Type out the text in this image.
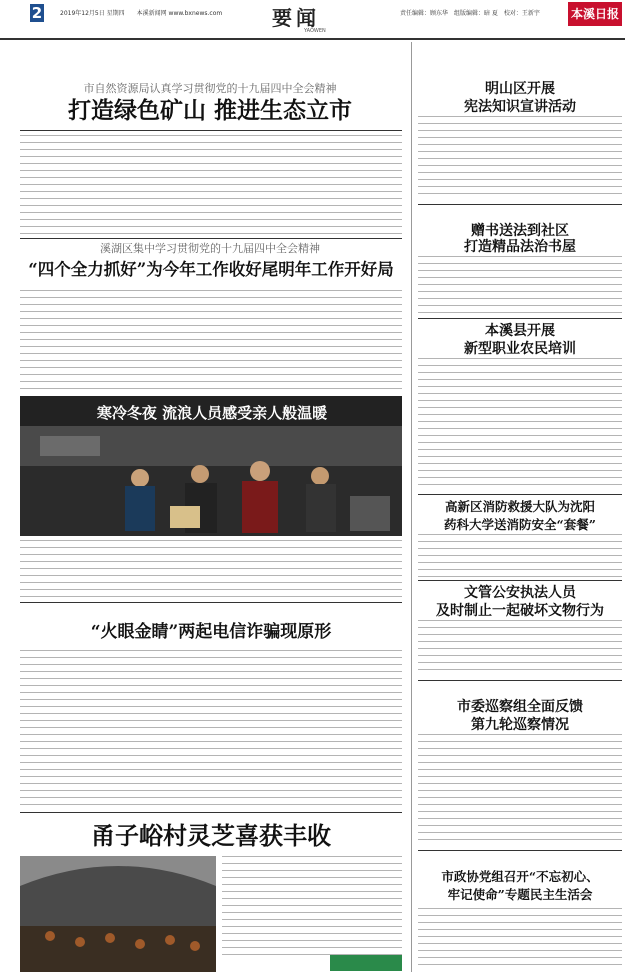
2	2019年12月5日 星期四　　本溪新闻网 www.bxnews.com 要闻
YAOWEN
责任编辑：顾东华　组版编辑：暗 夏　校对：王新宇	本溪日报
市自然资源局认真学习贯彻党的十九届四中全会精神
打造绿色矿山 推进生态立市
溪湖区集中学习贯彻党的十九届四中全会精神
“四个全力抓好”为今年工作收好尾明年工作开好局
寒冷冬夜 流浪人员感受亲人般温暖
“火眼金睛”两起电信诈骗现原形
甬子峪村灵芝喜获丰收
明山区开展
宪法知识宣讲活动
赠书送法到社区
打造精品法治书屋
本溪县开展
新型职业农民培训
高新区消防救援大队为沈阳
药科大学送消防安全“套餐”
文管公安执法人员
及时制止一起破坏文物行为
市委巡察组全面反馈
第九轮巡察情况
市政协党组召开“不忘初心、
牢记使命”专题民主生活会
